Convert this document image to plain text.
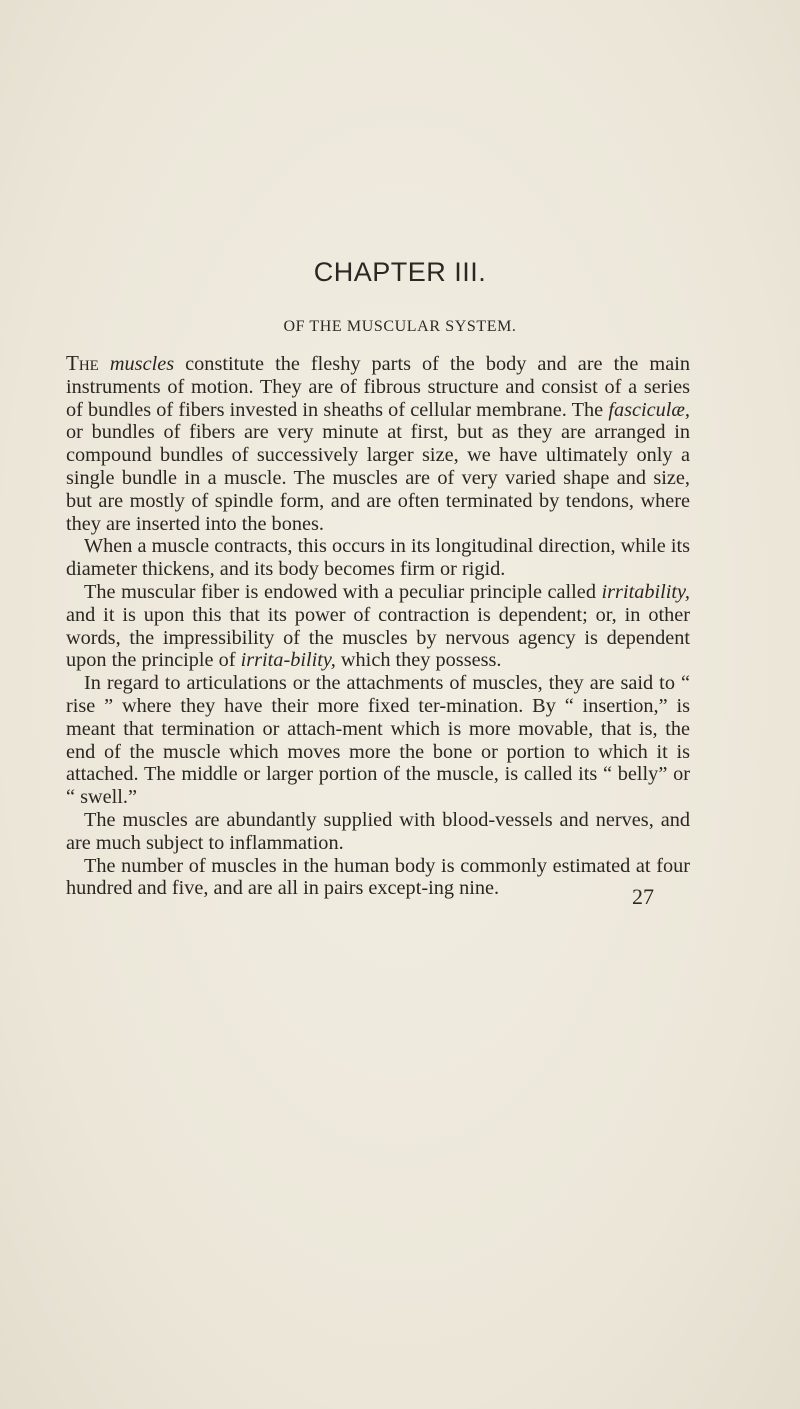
CHAPTER III.
OF THE MUSCULAR SYSTEM.

The muscles constitute the fleshy parts of the body and are the main instruments of motion. They are of fibrous structure and consist of a series of bundles of fibers invested in sheaths of cellular membrane. The fasciculæ, or bundles of fibers are very minute at first, but as they are arranged in compound bundles of successively larger size, we have ultimately only a single bundle in a muscle. The muscles are of very varied shape and size, but are mostly of spindle form, and are often terminated by tendons, where they are inserted into the bones.

When a muscle contracts, this occurs in its longitudinal direction, while its diameter thickens, and its body becomes firm or rigid.

The muscular fiber is endowed with a peculiar principle called irritability, and it is upon this that its power of contraction is dependent; or, in other words, the impressibility of the muscles by nervous agency is dependent upon the principle of irrita-bility, which they possess.

In regard to articulations or the attachments of muscles, they are said to “ rise ” where they have their more fixed ter-mination. By “ insertion,” is meant that termination or attach-ment which is more movable, that is, the end of the muscle which moves more the bone or portion to which it is attached. The middle or larger portion of the muscle, is called its “ belly” or “ swell.”

The muscles are abundantly supplied with blood-vessels and nerves, and are much subject to inflammation.

The number of muscles in the human body is commonly estimated at four hundred and five, and are all in pairs except-ing nine.	27
